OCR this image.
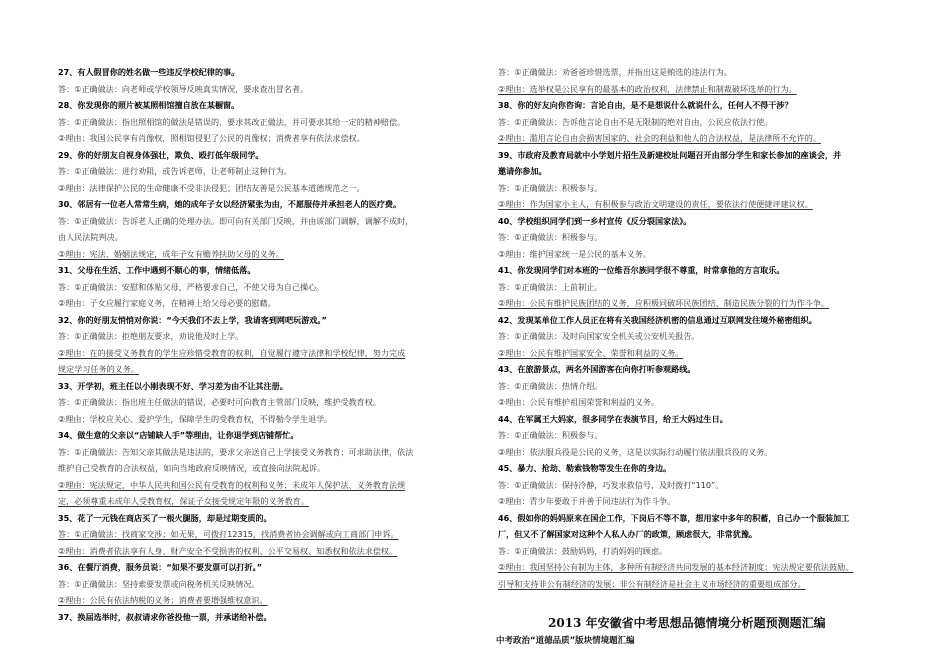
27、有人假冒你的姓名做一些违反学校纪律的事。
答：①正确做法：向老师或学校领导反映真实情况，要求查出冒名者。
28、你发现你的照片被某照相馆擅自放在某橱窗。
答：①正确做法：指出照相馆的做法是错误的，要求其改正做法，并可要求其给一定的精神赔偿。
②理由：我国公民享有肖像权，照相馆侵犯了公民的肖像权；消费者享有依法求偿权。
29、你的好朋友自视身体强壮，欺负、殴打低年级同学。
答：①正确做法：进行劝阻，或告诉老师，让老师制止这种行为。
②理由：法律保护公民的生命健康不受非法侵犯；团结友善是公民基本道德规范之一。
30、邻居有一位老人常常生病，她的成年子女以经济紧张为由，不愿服侍并承担老人的医疗费。
答：①正确做法：告诉老人正确的处理办法。即可向有关部门反映，并由该部门调解，调解不成时，
由人民法院判决。
②理由：宪法、婚姻法规定，成年子女有赡养扶助父母的义务。
31、父母在生活、工作中遇到不顺心的事，情绪低落。
答：①正确做法：安慰和体贴父母，严格要求自己，不使父母为自己操心。
②理由：子女应履行家庭义务，在精神上给父母必要的慰藉。
32、你的好朋友悄悄对你说：“今天我们不去上学，我请客到网吧玩游戏。”
答：①正确做法：拒绝朋友要求，劝说他及时上学。
②理由：在的接受义务教育的学生应珍惜受教育的权利，自觉履行遵守法律和学校纪律，努力完成
规定学习任务的义务。
33、开学初，班主任以小刚表现不好、学习差为由不让其注册。
答：①正确做法：指出班主任做法的错误，必要时可向教育主管部门反映，维护受教育权。
②理由：学校应关心、爱护学生，保障学生的受教育权，不得勒令学生退学。
34、做生意的父亲以“店铺缺人手”等理由，让你退学到店铺帮忙。
答：①正确做法：告知父亲其做法是违法的，要求父亲送自己上学接受义务教育；可求助法律，依法
维护自己受教育的合法权益，如向当地政府反映情况，或直接向法院起诉。
②理由：宪法规定，中华人民共和国公民有受教育的权利和义务；未成年人保护法、义务教育法规
定，必须尊重未成年人受教育权，保证子女接受规定年限的义务教育。
35、花了一元钱在商店买了一根火腿肠，却是过期变质的。
答：①正确做法：找商家交涉；如无果，可拨打12315，找消费者协会调解或向工商部门申诉。
②理由：消费者依法享有人身、财产安全不受损害的权利、公平交易权、知悉权和依法求偿权。
36、在餐厅消费，服务员说：“如果不要发票可以打折。”
答：①正确做法：坚持索要发票或向税务机关反映情况。
②理由：公民有依法纳税的义务；消费者要增强维权意识。
37、换届选举时，叔叔请求你爸投他一票，并承诺给补偿。
答：①正确做法：劝爸爸珍惜选票，并指出这是贿选的违法行为。
②理由：选举权是公民享有的最基本的政治权利，法律禁止和制裁破坏选举的行为。
38、你的好友向你咨询：言论自由，是不是想说什么就说什么，任何人不得干涉？
答：①正确做法：告诉他言论自由不是无限制的绝对自由，公民应依法行使。
②理由：滥用言论自由会损害国家的、社会的利益和他人的合法权益，是法律所不允许的。
39、市政府及教育局就中小学划片招生及新建校址问题召开由部分学生和家长参加的座谈会，并
邀请你参加。
答：①正确做法：积极参与。
②理由：作为国家小主人，有积极参与政治文明建设的责任，要依法行使便捷评建议权。
40、学校组织同学们到一乡村宣传《反分裂国家法》。
答：①正确做法：积极参与。
②理由：维护国家统一是公民的基本义务。
41、你发现同学们对本班的一位维吾尔族同学很不尊重，时常拿他的方言取乐。
答：①正确做法：上前制止。
②理由：公民有维护民族团结的义务，应积极同破坏民族团结、制造民族分裂的行为作斗争。
42、发现某单位工作人员正在将有关我国经济机密的信息通过互联网发往境外秘密组织。
答：①正确做法：及时向国家安全机关或公安机关报告。
②理由：公民有维护国家安全、荣誉和利益的义务。
43、在旅游景点，两名外国游客在向你打听参观路线。
答：①正确做法：热情介绍。
②理由：公民有维护祖国荣誉和利益的义务。
44、在军属王大妈家，很多同学在表演节目，给王大妈过生日。
答：①正确做法：积极参与。
②理由：依法服兵役是公民的义务，这是以实际行动履行依法服兵役的义务。
45、暴力、抢劫、勒索钱物等发生在你的身边。
答：①正确做法：保持冷静，巧发求救信号，及时拨打“110”。
②理由：青少年要敢于并善于同违法行为作斗争。
46、假如你的妈妈原来在国企工作，下岗后不等不靠，想用家中多年的积蓄，自己办一个服装加工
厂，但又不了解国家对这种个人私人办厂的政策，顾虑很大，非常犹豫。
答：①正确做法：鼓励妈妈，打消妈妈的顾虑。
②理由：我国坚持公有制为主体，多种所有制经济共同发展的基本经济制度；宪法规定要依法鼓励、
引导和支持非公有制经济的发展；非公有制经济是社会主义市场经济的重要组成部分。
2013 年安徽省中考思想品德情境分析题预测题汇编
中考政治“道德品质”版块情境题汇编
